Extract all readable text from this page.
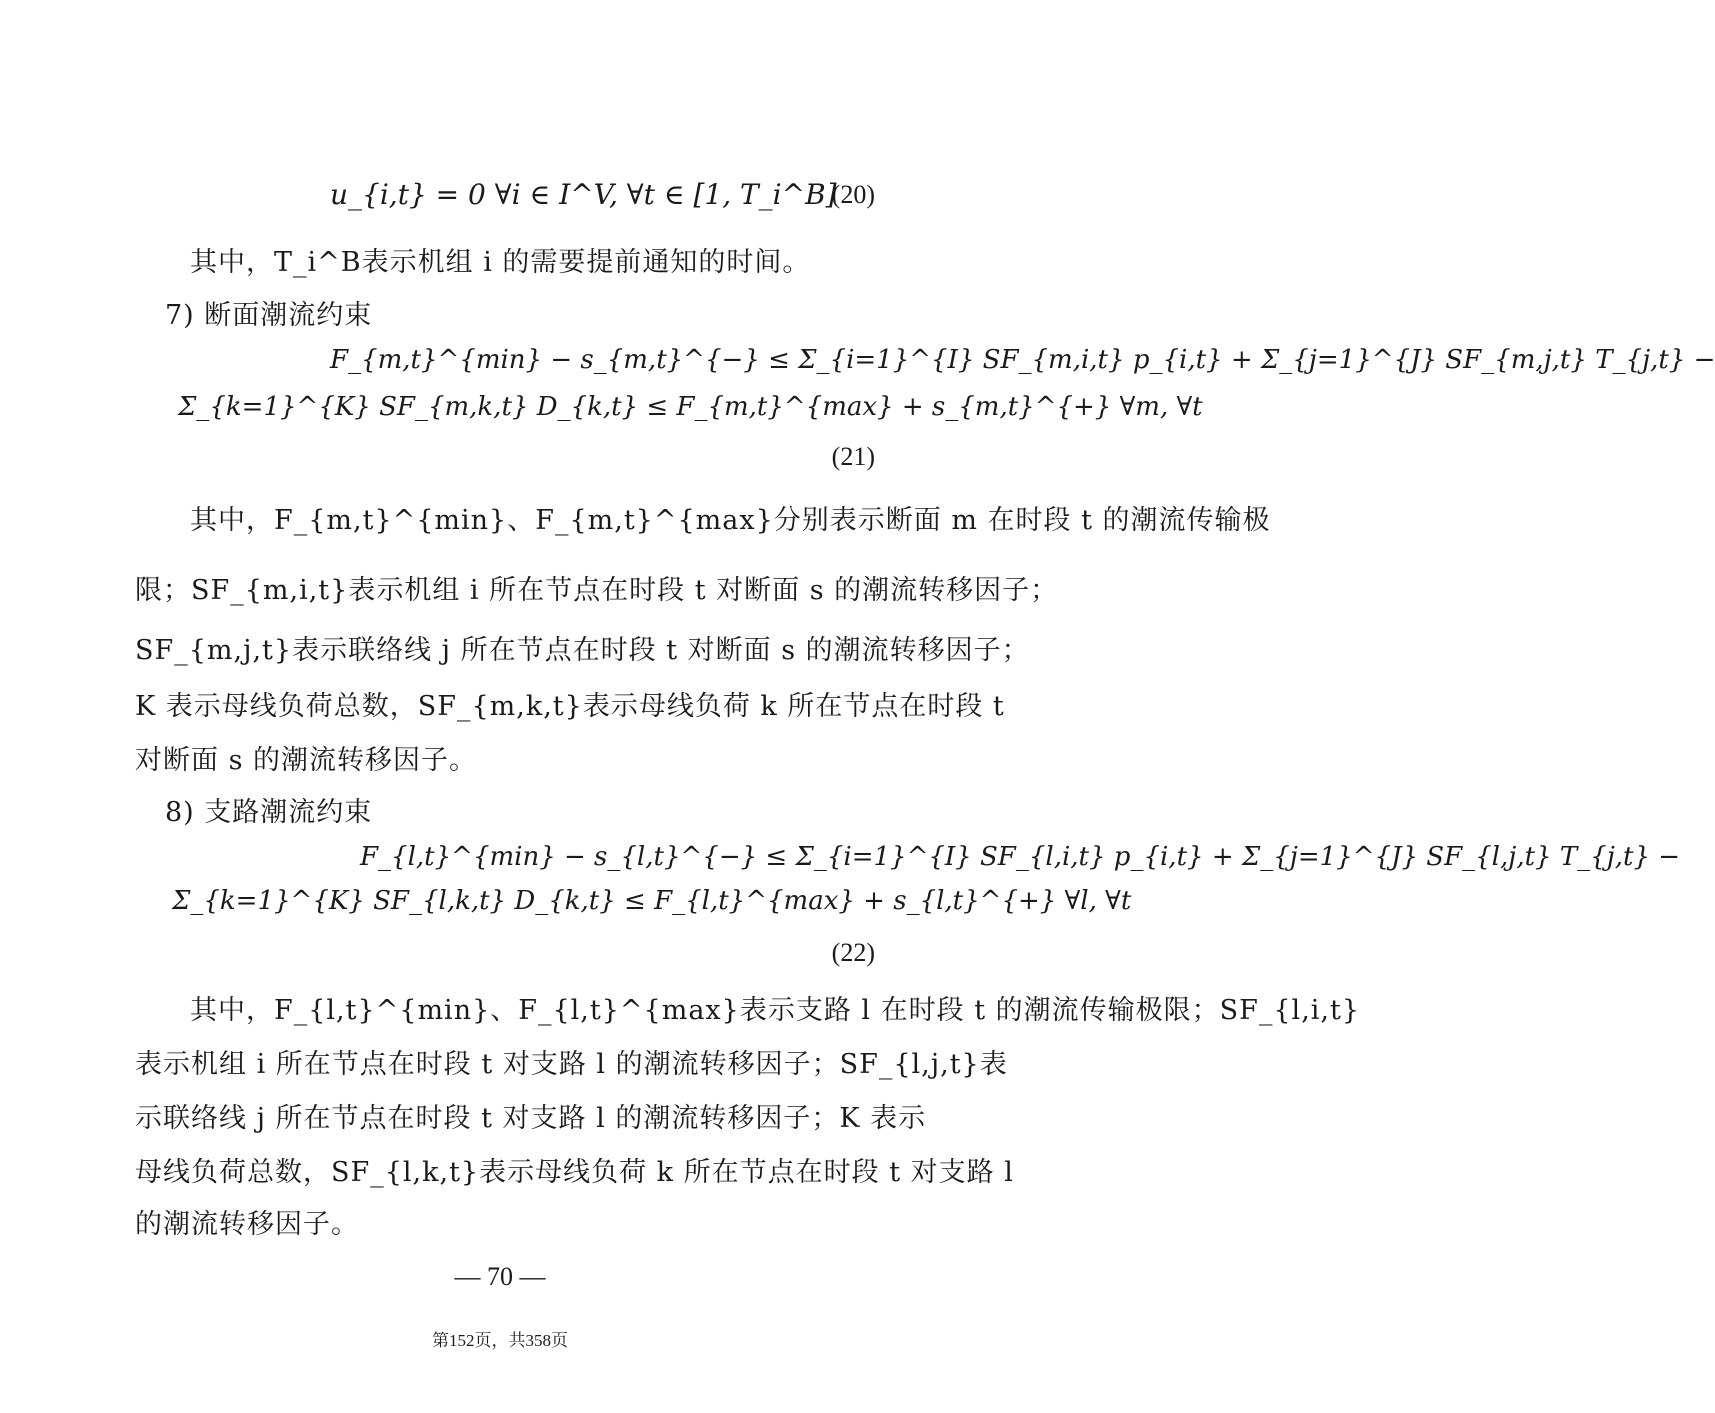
u_{i,t} = 0 ∀i ∈ I^V, ∀t ∈ [1, T_i^B]
(20)
其中，T_i^B表示机组 i 的需要提前通知的时间。
7) 断面潮流约束
F_{m,t}^{min} − s_{m,t}^{−} ≤ Σ_{i=1}^{I} SF_{m,i,t} p_{i,t} + Σ_{j=1}^{J} SF_{m,j,t} T_{j,t} −
Σ_{k=1}^{K} SF_{m,k,t} D_{k,t} ≤ F_{m,t}^{max} + s_{m,t}^{+} ∀m, ∀t
(21)
其中，F_{m,t}^{min}、F_{m,t}^{max}分别表示断面 m 在时段 t 的潮流传输极
限；SF_{m,i,t}表示机组 i 所在节点在时段 t 对断面 s 的潮流转移因子；
SF_{m,j,t}表示联络线 j 所在节点在时段 t 对断面 s 的潮流转移因子；
K 表示母线负荷总数，SF_{m,k,t}表示母线负荷 k 所在节点在时段 t
对断面 s 的潮流转移因子。
8) 支路潮流约束
F_{l,t}^{min} − s_{l,t}^{−} ≤ Σ_{i=1}^{I} SF_{l,i,t} p_{i,t} + Σ_{j=1}^{J} SF_{l,j,t} T_{j,t} −
Σ_{k=1}^{K} SF_{l,k,t} D_{k,t} ≤ F_{l,t}^{max} + s_{l,t}^{+} ∀l, ∀t
(22)
其中，F_{l,t}^{min}、F_{l,t}^{max}表示支路 l 在时段 t 的潮流传输极限；SF_{l,i,t}
表示机组 i 所在节点在时段 t 对支路 l 的潮流转移因子；SF_{l,j,t}表
示联络线 j 所在节点在时段 t 对支路 l 的潮流转移因子；K 表示
母线负荷总数，SF_{l,k,t}表示母线负荷 k 所在节点在时段 t 对支路 l
的潮流转移因子。
— 70 —
第152页，共358页
